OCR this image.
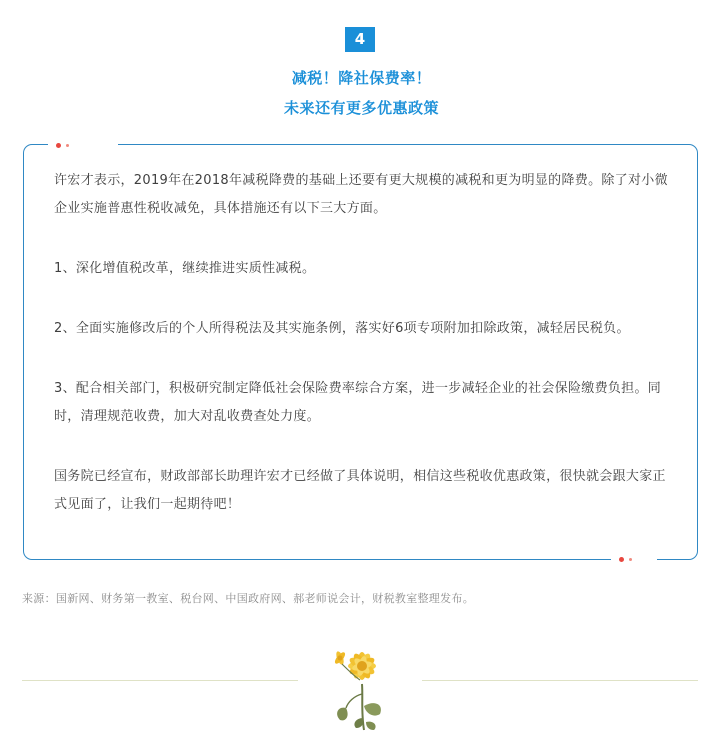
4
减税！降社保费率！
未来还有更多优惠政策

许宏才表示，2019年在2018年减税降费的基础上还要有更大规模的减税和更为明显的降费。除了对小微企业实施普惠性税收减免，具体措施还有以下三大方面。

1、深化增值税改革，继续推进实质性减税。

2、全面实施修改后的个人所得税法及其实施条例，落实好6项专项附加扣除政策，减轻居民税负。

3、配合相关部门，积极研究制定降低社会保险费率综合方案，进一步减轻企业的社会保险缴费负担。同时，清理规范收费，加大对乱收费查处力度。

国务院已经宣布，财政部部长助理许宏才已经做了具体说明，相信这些税收优惠政策，很快就会跟大家正式见面了，让我们一起期待吧！

来源：国新网、财务第一教室、税台网、中国政府网、郝老师说会计，财税教室整理发布。
